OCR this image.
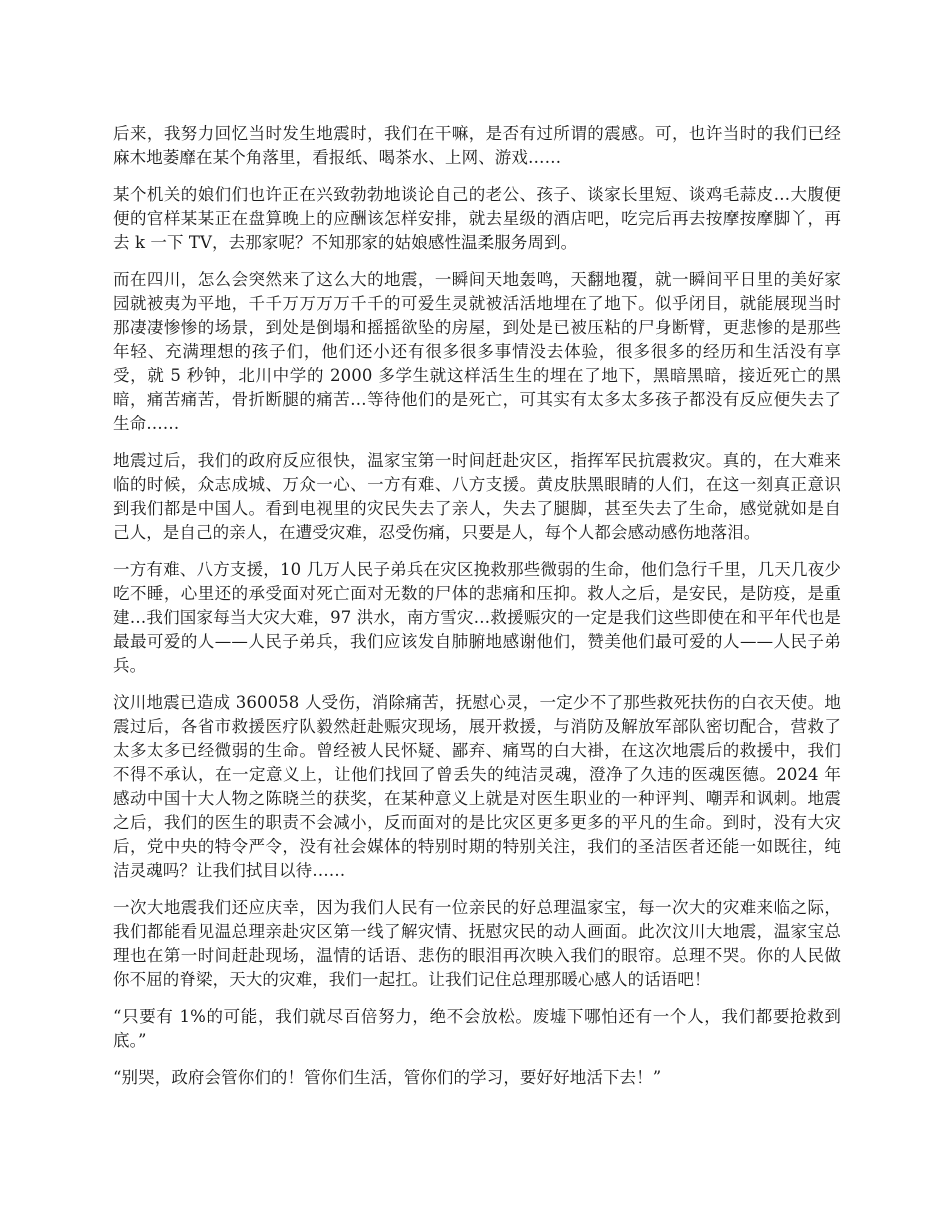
后来，我努力回忆当时发生地震时，我们在干嘛，是否有过所谓的震感。可，也许当时的我们已经麻木地萎靡在某个角落里，看报纸、喝茶水、上网、游戏……

某个机关的娘们们也许正在兴致勃勃地谈论自己的老公、孩子、谈家长里短、谈鸡毛蒜皮…大腹便便的官样某某正在盘算晚上的应酬该怎样安排，就去星级的酒店吧，吃完后再去按摩按摩脚丫，再去 k 一下 TV，去那家呢？不知那家的姑娘感性温柔服务周到。

而在四川，怎么会突然来了这么大的地震，一瞬间天地轰鸣，天翻地覆，就一瞬间平日里的美好家园就被夷为平地，千千万万万万千千的可爱生灵就被活活地埋在了地下。似乎闭目，就能展现当时那凄凄惨惨的场景，到处是倒塌和摇摇欲坠的房屋，到处是已被压粘的尸身断臂，更悲惨的是那些年轻、充满理想的孩子们，他们还小还有很多很多事情没去体验，很多很多的经历和生活没有享受，就 5 秒钟，北川中学的 2000 多学生就这样活生生的埋在了地下，黑暗黑暗，接近死亡的黑暗，痛苦痛苦，骨折断腿的痛苦…等待他们的是死亡，可其实有太多太多孩子都没有反应便失去了生命……

地震过后，我们的政府反应很快，温家宝第一时间赶赴灾区，指挥军民抗震救灾。真的，在大难来临的时候，众志成城、万众一心、一方有难、八方支援。黄皮肤黑眼睛的人们，在这一刻真正意识到我们都是中国人。看到电视里的灾民失去了亲人，失去了腿脚，甚至失去了生命，感觉就如是自己人，是自己的亲人，在遭受灾难，忍受伤痛，只要是人，每个人都会感动感伤地落泪。

一方有难、八方支援，10 几万人民子弟兵在灾区挽救那些微弱的生命，他们急行千里，几天几夜少吃不睡，心里还的承受面对死亡面对无数的尸体的悲痛和压抑。救人之后，是安民，是防疫，是重建…我们国家每当大灾大难，97 洪水，南方雪灾…救援赈灾的一定是我们这些即使在和平年代也是最最可爱的人——人民子弟兵，我们应该发自肺腑地感谢他们，赞美他们最可爱的人——人民子弟兵。

汶川地震已造成 360058 人受伤，消除痛苦，抚慰心灵，一定少不了那些救死扶伤的白衣天使。地震过后，各省市救援医疗队毅然赶赴赈灾现场，展开救援，与消防及解放军部队密切配合，营救了太多太多已经微弱的生命。曾经被人民怀疑、鄙弃、痛骂的白大褂，在这次地震后的救援中，我们不得不承认，在一定意义上，让他们找回了曾丢失的纯洁灵魂，澄净了久违的医魂医德。2024 年感动中国十大人物之陈晓兰的获奖，在某种意义上就是对医生职业的一种评判、嘲弄和讽刺。地震之后，我们的医生的职责不会减小，反而面对的是比灾区更多更多的平凡的生命。到时，没有大灾后，党中央的特令严令，没有社会媒体的特别时期的特别关注，我们的圣洁医者还能一如既往，纯洁灵魂吗？让我们拭目以待……

一次大地震我们还应庆幸，因为我们人民有一位亲民的好总理温家宝，每一次大的灾难来临之际，我们都能看见温总理亲赴灾区第一线了解灾情、抚慰灾民的动人画面。此次汶川大地震，温家宝总理也在第一时间赶赴现场，温情的话语、悲伤的眼泪再次映入我们的眼帘。总理不哭。你的人民做你不屈的脊梁，天大的灾难，我们一起扛。让我们记住总理那暖心感人的话语吧！

“只要有 1%的可能，我们就尽百倍努力，绝不会放松。废墟下哪怕还有一个人，我们都要抢救到底。”

“别哭，政府会管你们的！管你们生活，管你们的学习，要好好地活下去！”
